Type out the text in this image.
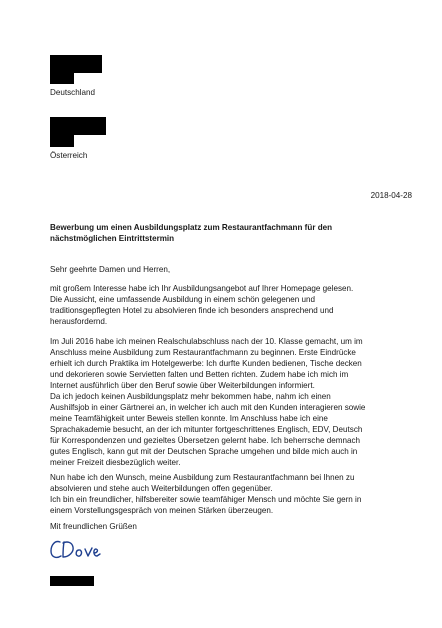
Deutschland
Österreich
2018-04-28
Bewerbung um einen Ausbildungsplatz zum Restaurantfachmann für den
nächstmöglichen Eintrittstermin
Sehr geehrte Damen und Herren,
mit großem Interesse habe ich Ihr Ausbildungsangebot auf Ihrer Homepage gelesen.
Die Aussicht, eine umfassende Ausbildung in einem schön gelegenen und
traditionsgepflegten Hotel zu absolvieren finde ich besonders ansprechend und
herausfordernd.
Im Juli 2016 habe ich meinen Realschulabschluss nach der 10. Klasse gemacht, um im
Anschluss meine Ausbildung zum Restaurantfachmann zu beginnen. Erste Eindrücke
erhielt ich durch Praktika im Hotelgewerbe: Ich durfte Kunden bedienen, Tische decken
und dekorieren sowie Servietten falten und Betten richten. Zudem habe ich mich im
Internet ausführlich über den Beruf sowie über Weiterbildungen informiert.
Da ich jedoch keinen Ausbildungsplatz mehr bekommen habe, nahm ich einen
Aushilfsjob in einer Gärtnerei an, in welcher ich auch mit den Kunden interagieren sowie
meine Teamfähigkeit unter Beweis stellen konnte. Im Anschluss habe ich eine
Sprachakademie besucht, an der ich mitunter fortgeschrittenes Englisch, EDV, Deutsch
für Korrespondenzen und gezieltes Übersetzen gelernt habe. Ich beherrsche demnach
gutes Englisch, kann gut mit der Deutschen Sprache umgehen und bilde mich auch in
meiner Freizeit diesbezüglich weiter.
Nun habe ich den Wunsch, meine Ausbildung zum Restaurantfachmann bei Ihnen zu
absolvieren und stehe auch Weiterbildungen offen gegenüber.
Ich bin ein freundlicher, hilfsbereiter sowie teamfähiger Mensch und möchte Sie gern in
einem Vorstellungsgespräch von meinen Stärken überzeugen.
Mit freundlichen Grüßen
